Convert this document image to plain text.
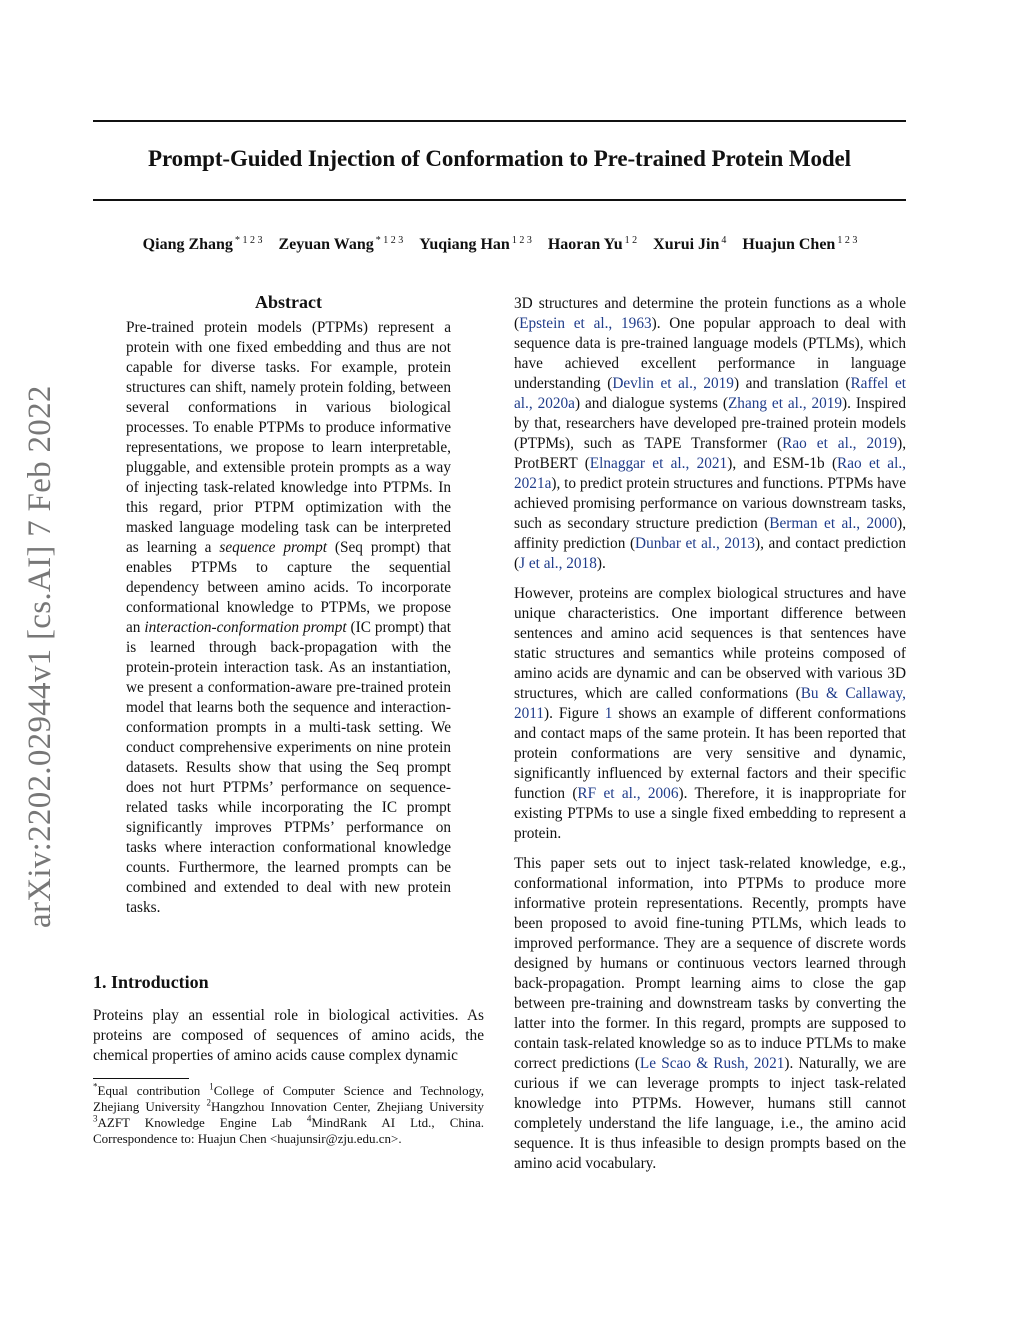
arXiv:2202.02944v1 [cs.AI] 7 Feb 2022
Prompt-Guided Injection of Conformation to Pre-trained Protein Model
Qiang Zhang $^{* 1 2 3}$ Zeyuan Wang $^{* 1 2 3}$ Yuqiang Han $^{1 2 3}$ Haoran Yu $^{1 2}$ Xurui Jin $^4$ Huajun Chen $^{1 2 3}$
Abstract

Pre-trained protein models (PTPMs) represent a protein with one fixed embedding and thus are not capable for diverse tasks. For example, protein structures can shift, namely protein folding, between several conformations in various biological processes. To enable PTPMs to produce informative representations, we propose to learn interpretable, pluggable, and extensible protein prompts as a way of injecting task-related knowledge into PTPMs. In this regard, prior PTPM optimization with the masked language modeling task can be interpreted as learning a sequence prompt (Seq prompt) that enables PTPMs to capture the sequential dependency between amino acids. To incorporate conformational knowledge to PTPMs, we propose an interaction-conformation prompt (IC prompt) that is learned through back-propagation with the protein-protein interaction task. As an instantiation, we present a conformation-aware pre-trained protein model that learns both the sequence and interaction-conformation prompts in a multi-task setting. We conduct comprehensive experiments on nine protein datasets. Results show that using the Seq prompt does not hurt PTPMs’ performance on sequence-related tasks while incorporating the IC prompt significantly improves PTPMs’ performance on tasks where interaction conformational knowledge counts. Furthermore, the learned prompts can be combined and extended to deal with new protein tasks.

1. Introduction

Proteins play an essential role in biological activities. As proteins are composed of sequences of amino acids, the chemical properties of amino acids cause complex dynamic

*Equal contribution $^1$College of Computer Science and Technology, Zhejiang University $^2$Hangzhou Innovation Center, Zhejiang University $^3$AZFT Knowledge Engine Lab $^4$MindRank AI Ltd., China. Correspondence to: Huajun Chen <huajunsir@zju.edu.cn>.

3D structures and determine the protein functions as a whole (Epstein et al., 1963). One popular approach to deal with sequence data is pre-trained language models (PTLMs), which have achieved excellent performance in language understanding (Devlin et al., 2019) and translation (Raffel et al., 2020a) and dialogue systems (Zhang et al., 2019). Inspired by that, researchers have developed pre-trained protein models (PTPMs), such as TAPE Transformer (Rao et al., 2019), ProtBERT (Elnaggar et al., 2021), and ESM-1b (Rao et al., 2021a), to predict protein structures and functions. PTPMs have achieved promising performance on various downstream tasks, such as secondary structure prediction (Berman et al., 2000), affinity prediction (Dunbar et al., 2013), and contact prediction (J et al., 2018).

However, proteins are complex biological structures and have unique characteristics. One important difference between sentences and amino acid sequences is that sentences have static structures and semantics while proteins composed of amino acids are dynamic and can be observed with various 3D structures, which are called conformations (Bu & Callaway, 2011). Figure 1 shows an example of different conformations and contact maps of the same protein. It has been reported that protein conformations are very sensitive and dynamic, significantly influenced by external factors and their specific function (RF et al., 2006). Therefore, it is inappropriate for existing PTPMs to use a single fixed embedding to represent a protein.

This paper sets out to inject task-related knowledge, e.g., conformational information, into PTPMs to produce more informative protein representations. Recently, prompts have been proposed to avoid fine-tuning PTLMs, which leads to improved performance. They are a sequence of discrete words designed by humans or continuous vectors learned through back-propagation. Prompt learning aims to close the gap between pre-training and downstream tasks by converting the latter into the former. In this regard, prompts are supposed to contain task-related knowledge so as to induce PTLMs to make correct predictions (Le Scao & Rush, 2021). Naturally, we are curious if we can leverage prompts to inject task-related knowledge into PTPMs. However, humans still cannot completely understand the life language, i.e., the amino acid sequence. It is thus infeasible to design prompts based on the amino acid vocabulary.
